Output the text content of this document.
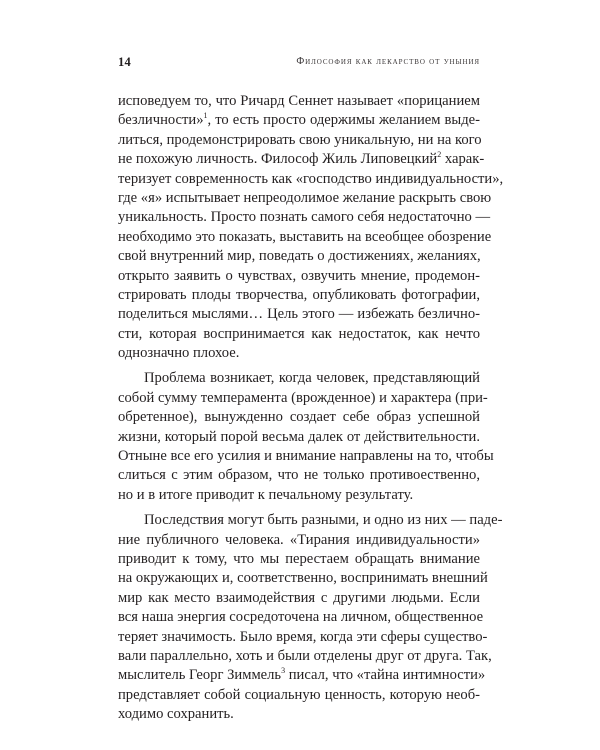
14	Философия как лекарство от уныния
исповедуем то, что Ричард Сеннет называет «порицанием
безличности»$^1$, то есть просто одержимы желанием выде-
литься, продемонстрировать свою уникальную, ни на кого
не похожую личность. Философ Жиль Липовецкий$^2$ харак-
теризует современность как «господство индивидуальности»,
где «я» испытывает непреодолимое желание раскрыть свою
уникальность. Просто познать самого себя недостаточно —
необходимо это показать, выставить на всеобщее обозрение
свой внутренний мир, поведать о достижениях, желаниях,
открыто заявить о чувствах, озвучить мнение, продемон-
стрировать плоды творчества, опубликовать фотографии,
поделиться мыслями… Цель этого — избежать безлично-
сти, которая воспринимается как недостаток, как нечто
однозначно плохое.
Проблема возникает, когда человек, представляющий
собой сумму темперамента (врожденное) и характера (при-
обретенное), вынужденно создает себе образ успешной
жизни, который порой весьма далек от действительности.
Отныне все его усилия и внимание направлены на то, чтобы
слиться с этим образом, что не только противоественно,
но и в итоге приводит к печальному результату.
Последствия могут быть разными, и одно из них — паде-
ние публичного человека. «Тирания индивидуальности»
приводит к тому, что мы перестаем обращать внимание
на окружающих и, соответственно, воспринимать внешний
мир как место взаимодействия с другими людьми. Если
вся наша энергия сосредоточена на личном, общественное
теряет значимость. Было время, когда эти сферы существо-
вали параллельно, хоть и были отделены друг от друга. Так,
мыслитель Георг Зиммель$^3$ писал, что «тайна интимности»
представляет собой социальную ценность, которую необ-
ходимо сохранить.
